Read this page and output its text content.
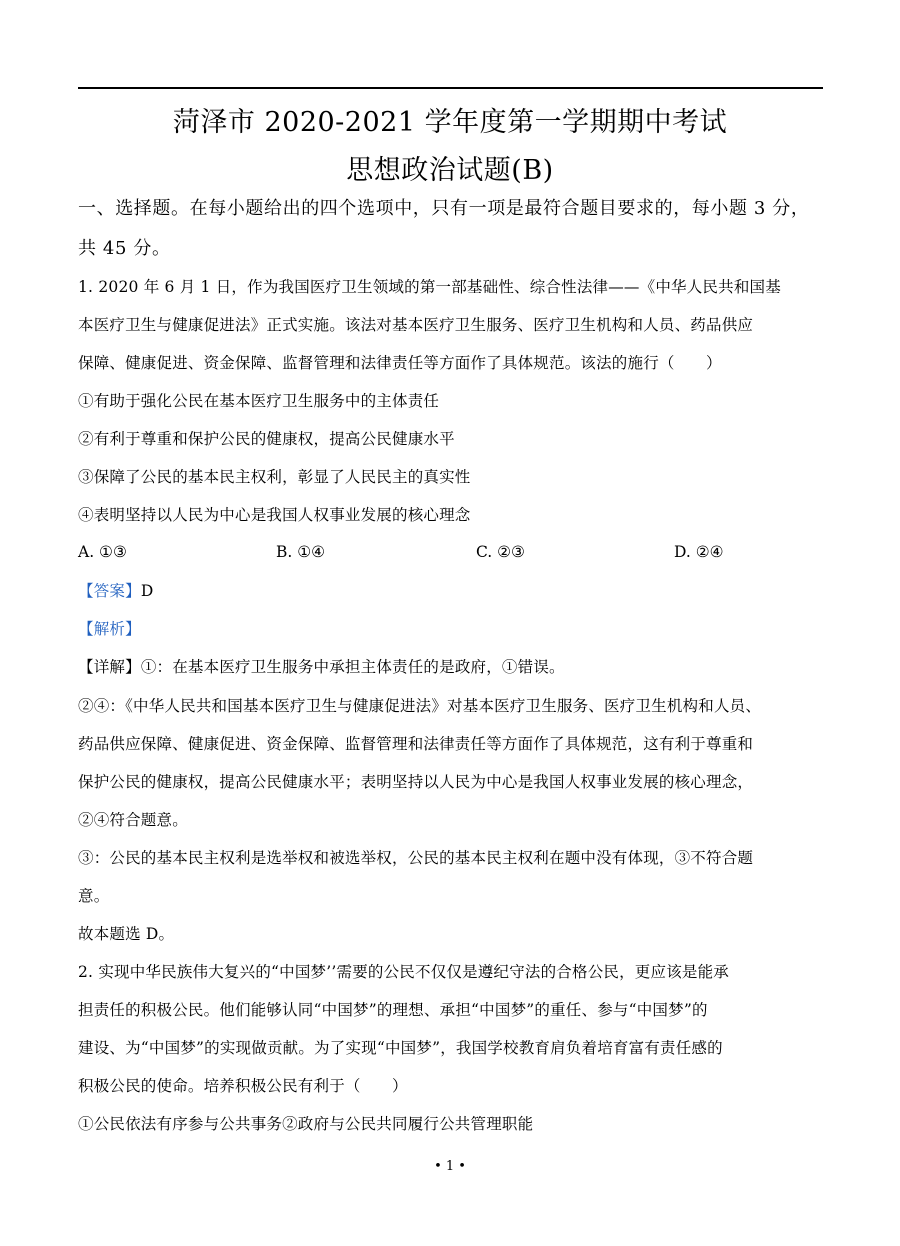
菏泽市 2020-2021 学年度第一学期期中考试
思想政治试题(B)
一、选择题。在每小题给出的四个选项中，只有一项是最符合题目要求的，每小题 3 分，
共 45 分。
1. 2020 年 6 月 1 日，作为我国医疗卫生领域的第一部基础性、综合性法律——《中华人民共和国基
本医疗卫生与健康促进法》正式实施。该法对基本医疗卫生服务、医疗卫生机构和人员、药品供应
保障、健康促进、资金保障、监督管理和法律责任等方面作了具体规范。该法的施行（　　）
①有助于强化公民在基本医疗卫生服务中的主体责任
②有利于尊重和保护公民的健康权，提高公民健康水平
③保障了公民的基本民主权利，彰显了人民民主的真实性
④表明坚持以人民为中心是我国人权事业发展的核心理念
A. ①③	B. ①④	C. ②③	D. ②④
【答案】D
【解析】
【详解】①：在基本医疗卫生服务中承担主体责任的是政府，①错误。
②④：《中华人民共和国基本医疗卫生与健康促进法》对基本医疗卫生服务、医疗卫生机构和人员、
药品供应保障、健康促进、资金保障、监督管理和法律责任等方面作了具体规范，这有利于尊重和
保护公民的健康权，提高公民健康水平；表明坚持以人民为中心是我国人权事业发展的核心理念，
②④符合题意。
③：公民的基本民主权利是选举权和被选举权，公民的基本民主权利在题中没有体现，③不符合题
意。
故本题选 D。
2. 实现中华民族伟大复兴的“中国梦’’需要的公民不仅仅是遵纪守法的合格公民，更应该是能承
担责任的积极公民。他们能够认同“中国梦”的理想、承担“中国梦”的重任、参与“中国梦”的
建设、为“中国梦”的实现做贡献。为了实现“中国梦”，我国学校教育肩负着培育富有责任感的
积极公民的使命。培养积极公民有利于（　　）
①公民依法有序参与公共事务②政府与公民共同履行公共管理职能
• 1 •
